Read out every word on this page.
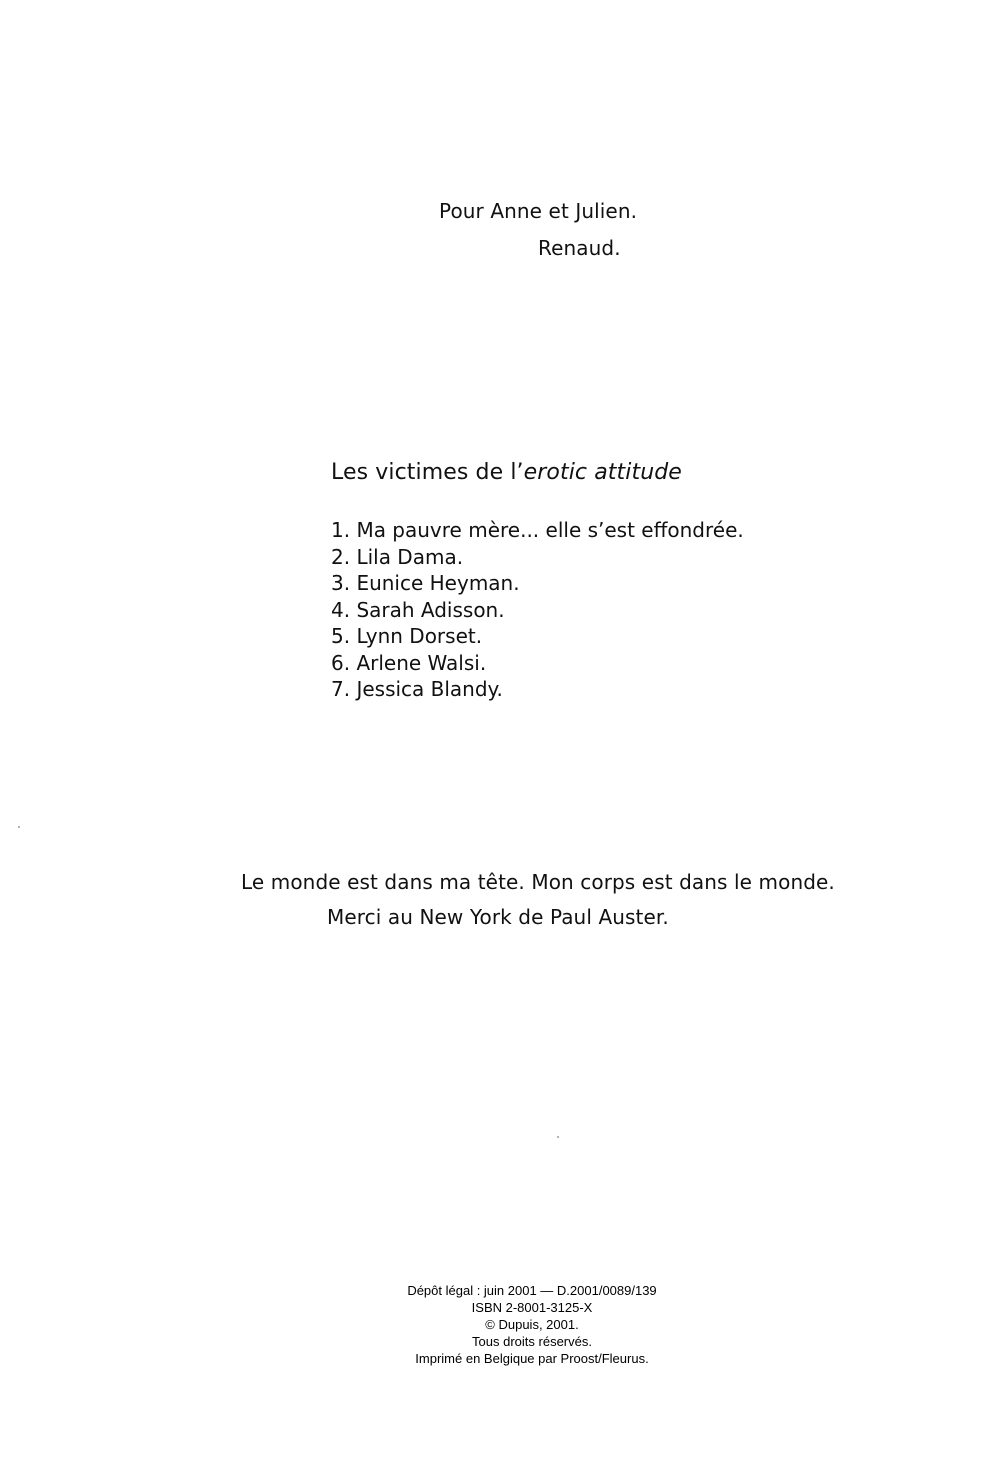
Pour Anne et Julien.
Renaud.
Les victimes de l’erotic attitude
1. Ma pauvre mère... elle s’est effondrée.
2. Lila Dama.
3. Eunice Heyman.
4. Sarah Adisson.
5. Lynn Dorset.
6. Arlene Walsi.
7. Jessica Blandy.
Le monde est dans ma tête. Mon corps est dans le monde.
Merci au New York de Paul Auster.
Dépôt légal : juin 2001 — D.2001/0089/139
ISBN 2-8001-3125-X
© Dupuis, 2001.
Tous droits réservés.
Imprimé en Belgique par Proost/Fleurus.
